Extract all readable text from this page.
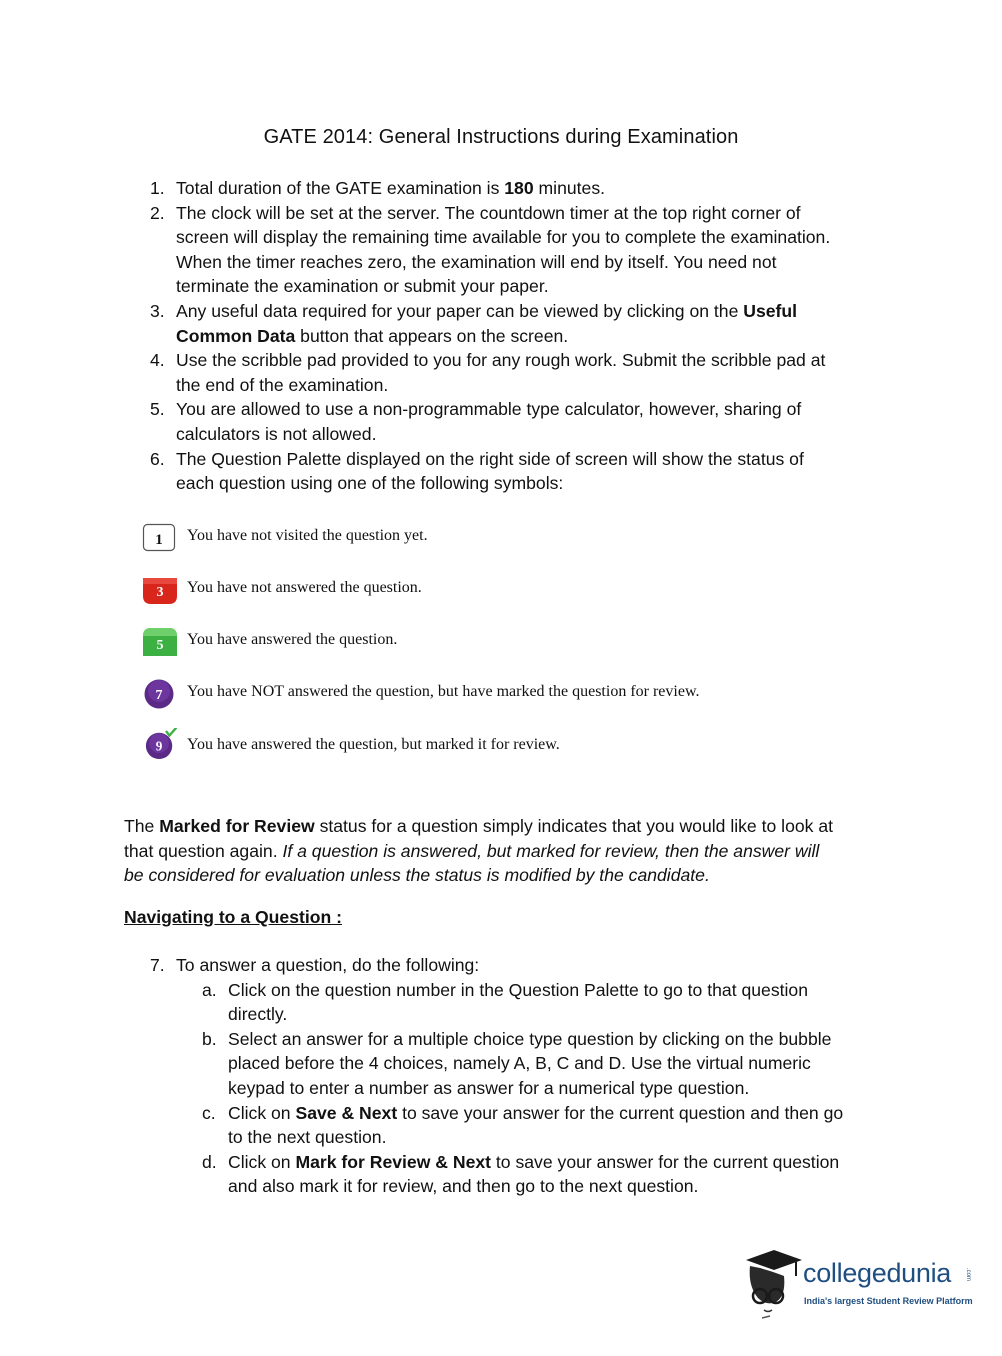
GATE 2014: General Instructions during Examination
1. Total duration of the GATE examination is 180 minutes.
2. The clock will be set at the server. The countdown timer at the top right corner of
screen will display the remaining time available for you to complete the examination.
When the timer reaches zero, the examination will end by itself. You need not
terminate the examination or submit your paper.
3. Any useful data required for your paper can be viewed by clicking on the Useful
Common Data button that appears on the screen.
4. Use the scribble pad provided to you for any rough work. Submit the scribble pad at
the end of the examination.
5. You are allowed to use a non-programmable type calculator, however, sharing of
calculators is not allowed.
6. The Question Palette displayed on the right side of screen will show the status of
each question using one of the following symbols:
1 You have not visited the question yet.
3 You have not answered the question.
5 You have answered the question.
7 You have NOT answered the question, but have marked the question for review.
9 You have answered the question, but marked it for review.
The Marked for Review status for a question simply indicates that you would like to look at
that question again. If a question is answered, but marked for review, then the answer will
be considered for evaluation unless the status is modified by the candidate.
Navigating to a Question :
7. To answer a question, do the following:
a. Click on the question number in the Question Palette to go to that question
directly.
b. Select an answer for a multiple choice type question by clicking on the bubble
placed before the 4 choices, namely A, B, C and D. Use the virtual numeric
keypad to enter a number as answer for a numerical type question.
c. Click on Save & Next to save your answer for the current question and then go
to the next question.
d. Click on Mark for Review & Next to save your answer for the current question
and also mark it for review, and then go to the next question.
collegedunia .com
India's largest Student Review Platform
